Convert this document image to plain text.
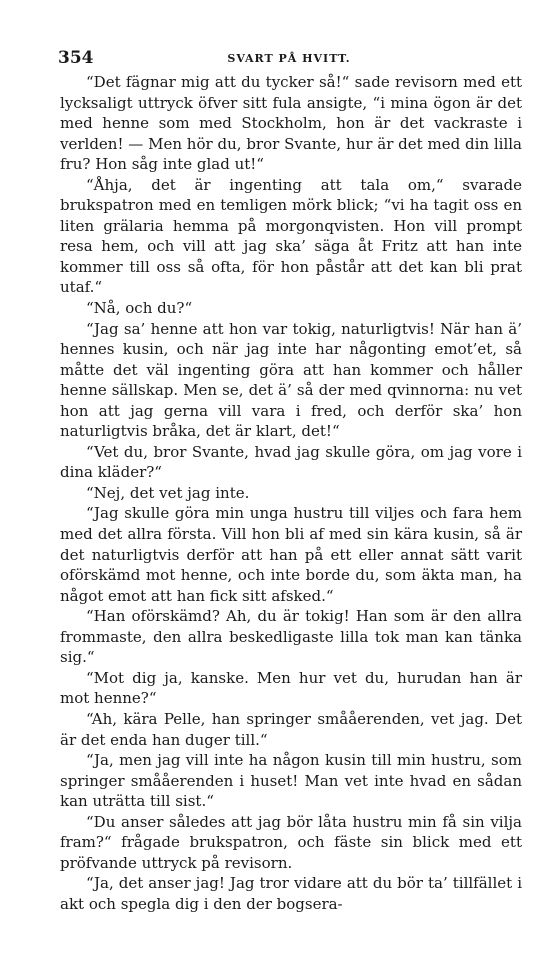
354	SVART PÅ HVITT.

“Det fägnar mig att du tycker så!“ sade revisorn med ett lycksaligt uttryck öfver sitt fula ansigte, “i mina ögon är det med henne som med Stockholm, hon är det vackraste i verlden! — Men hör du, bror Svante, hur är det med din lilla fru? Hon såg inte glad ut!“

“Åhja, det är ingenting att tala om,“ svarade brukspatron med en temligen mörk blick; “vi ha tagit oss en liten grälaria hemma på morgonqvisten. Hon vill prompt resa hem, och vill att jag ska’ säga åt Fritz att han inte kommer till oss så ofta, för hon påstår att det kan bli prat utaf.“

“Nå, och du?“

“Jag sa’ henne att hon var tokig, naturligtvis! När han ä’ hennes kusin, och när jag inte har någonting emot’et, så måtte det väl ingenting göra att han kommer och håller henne sällskap. Men se, det ä’ så der med qvinnorna: nu vet hon att jag gerna vill vara i fred, och derför ska’ hon naturligtvis bråka, det är klart, det!“

“Vet du, bror Svante, hvad jag skulle göra, om jag vore i dina kläder?“

“Nej, det vet jag inte.

“Jag skulle göra min unga hustru till viljes och fara hem med det allra första. Vill hon bli af med sin kära kusin, så är det naturligtvis derför att han på ett eller annat sätt varit oförskämd mot henne, och inte borde du, som äkta man, ha något emot att han fick sitt afsked.“

“Han oförskämd? Ah, du är tokig! Han som är den allra frommaste, den allra beskedligaste lilla tok man kan tänka sig.“

“Mot dig ja, kanske. Men hur vet du, hurudan han är mot henne?“

“Ah, kära Pelle, han springer smååerenden, vet jag. Det är det enda han duger till.“

“Ja, men jag vill inte ha någon kusin till min hustru, som springer smååerenden i huset! Man vet inte hvad en sådan kan uträtta till sist.“

“Du anser således att jag bör låta hustru min få sin vilja fram?“ frågade brukspatron, och fäste sin blick med ett pröfvande uttryck på revisorn.

“Ja, det anser jag! Jag tror vidare att du bör ta’ tillfället i akt och spegla dig i den der bogsera-
